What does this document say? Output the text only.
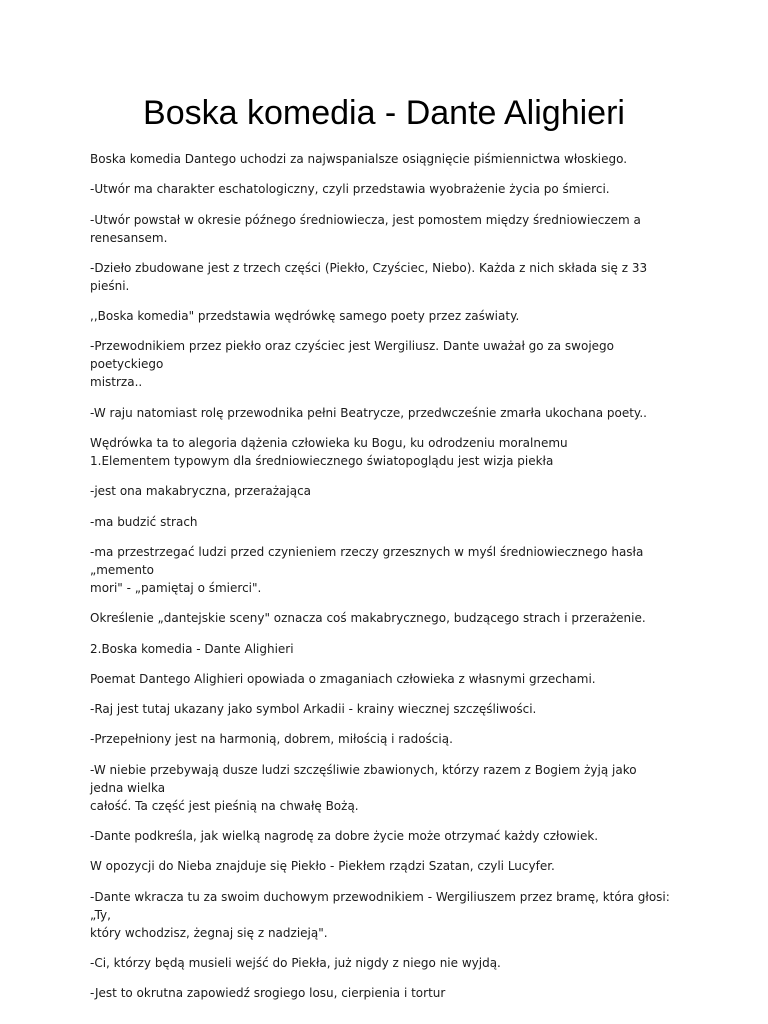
Boska komedia - Dante Alighieri

Boska komedia Dantego uchodzi za najwspanialsze osiągnięcie piśmiennictwa włoskiego.

-Utwór ma charakter eschatologiczny, czyli przedstawia wyobrażenie życia po śmierci.

-Utwór powstał w okresie późnego średniowiecza, jest pomostem między średniowieczem a
renesansem.

-Dzieło zbudowane jest z trzech części (Piekło, Czyściec, Niebo). Każda z nich składa się z 33 pieśni.

,,Boska komedia" przedstawia wędrówkę samego poety przez zaświaty.

-Przewodnikiem przez piekło oraz czyściec jest Wergiliusz. Dante uważał go za swojego poetyckiego
mistrza..

-W raju natomiast rolę przewodnika pełni Beatrycze, przedwcześnie zmarła ukochana poety..

Wędrówka ta to alegoria dążenia człowieka ku Bogu, ku odrodzeniu moralnemu

1.Elementem typowym dla średniowiecznego światopoglądu jest wizja piekła

-jest ona makabryczna, przerażająca

-ma budzić strach

-ma przestrzegać ludzi przed czynieniem rzeczy grzesznych w myśl średniowiecznego hasła „memento
mori" - „pamiętaj o śmierci".

Określenie „dantejskie sceny" oznacza coś makabrycznego, budzącego strach i przerażenie.

2.Boska komedia - Dante Alighieri

Poemat Dantego Alighieri opowiada o zmaganiach człowieka z własnymi grzechami.

-Raj jest tutaj ukazany jako symbol Arkadii - krainy wiecznej szczęśliwości.

-Przepełniony jest na harmonią, dobrem, miłością i radością.

-W niebie przebywają dusze ludzi szczęśliwie zbawionych, którzy razem z Bogiem żyją jako jedna wielka
całość. Ta część jest pieśnią na chwałę Bożą.

-Dante podkreśla, jak wielką nagrodę za dobre życie może otrzymać każdy człowiek.

W opozycji do Nieba znajduje się Piekło - Piekłem rządzi Szatan, czyli Lucyfer.

-Dante wkracza tu za swoim duchowym przewodnikiem - Wergiliuszem przez bramę, która głosi: „Ty,
który wchodzisz, żegnaj się z nadzieją".

-Ci, którzy będą musieli wejść do Piekła, już nigdy z niego nie wyjdą.

-Jest to okrutna zapowiedź srogiego losu, cierpienia i tortur
